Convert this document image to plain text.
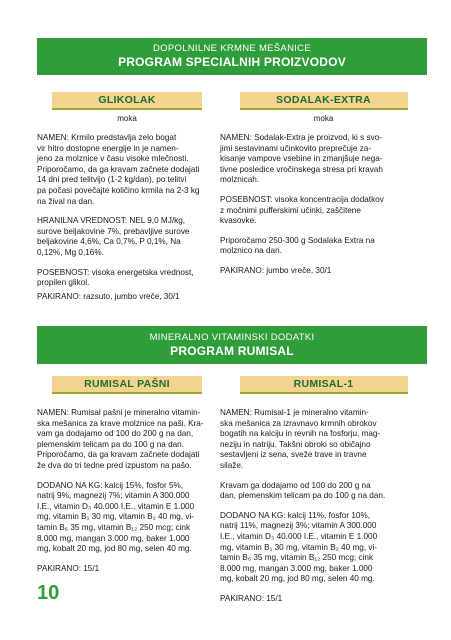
DOPOLNILNE KRMNE MEŠANICE
PROGRAM SPECIALNIH PROIZVODOV
GLIKOLAK
moka
NAMEN: Krmilo predstavlja zelo bogat
vir hitro dostopne energije in je namen-
jeno za molznice v času visoke mlečnosti.
Priporočamo, da ga kravam začnete dodajati
14 dni pred telitvijo (1-2 kg/dan), po telitvi
pa počasi povečajte količino krmila na 2-3 kg
na žival na dan.
HRANILNA VREDNOST: NEL 9,0 MJ/kg,
surove beljakovine 7%, prebavljive surove
beljakovine 4,6%, Ca 0,7%, P 0,1%, Na
0,12%, Mg 0,16%.
POSEBNOST: visoka energetska vrednost,
propilen glikol.
PAKIRANO: razsuto, jumbo vreče, 30/1
SODALAK-EXTRA
moka
NAMEN: Sodalak-Extra je proizvod, ki s svo-
jimi sestavinami učinkovito preprečuje za-
kisanje vampove vsebine in zmanjšuje nega-
tivne posledice vročinskega stresa pri kravah
molznicah.
POSEBNOST: visoka koncentracija dodatkov
z močnimi pufferskimi učinki, zaščitene
kvasovke.
Priporočamo 250-300 g Sodalaka Extra na
molznico na dan.
PAKIRANO: jumbo vreče, 30/1
MINERALNO VITAMINSKI DODATKI
PROGRAM RUMISAL
RUMISAL PAŠNI
NAMEN: Rumisal pašni je mineralno vitamin-
ska mešanica za krave molznice na paši. Kra-
vam ga dodajamo od 100 do 200 g na dan,
plemenskim telicam pa do 100 g na dan.
Priporočamo, da ga kravam začnete dodajati
že dva do tri tedne pred izpustom na pašo.
DODANO NA KG: kalcij 15%, fosfor 5%,
natrij 9%, magnezij 7%; vitamin A 300.000
I.E., vitamin D₃ 40.000 I.E., vitamin E 1.000
mg, vitamin B₁ 30 mg, vitamin B₂ 40 mg, vi-
tamin B₆ 35 mg, vitamin B₁₂ 250 mcg; cink
8.000 mg, mangan 3.000 mg, baker 1.000
mg, kobalt 20 mg, jod 80 mg, selen 40 mg.
PAKIRANO: 15/1
RUMISAL-1
NAMEN: Rumisal-1 je mineralno vitamin-
ska mešanica za izravnavo krmnih obrokov
bogatih na kalciju in revnih na fosforju, mag-
neziju in natriju. Takšni obroki so običajno
sestavljeni iz sena, sveže trave in travne
silaže.
Kravam ga dodajamo od 100 do 200 g na
dan, plemenskim telicam pa do 100 g na dan.
DODANO NA KG: kalcij 11%, fosfor 10%,
natrij 11%, magnezij 3%; vitamin A 300.000
I.E., vitamin D₃ 40.000 I.E., vitamin E 1.000
mg, vitamin B₁ 30 mg, vitamin B₂ 40 mg, vi-
tamin B₆ 35 mg, vitamin B₁₂ 250 mcg; cink
8.000 mg, mangan 3.000 mg, baker 1.000
mg, kobalt 20 mg, jod 80 mg, selen 40 mg.
PAKIRANO: 15/1
10
